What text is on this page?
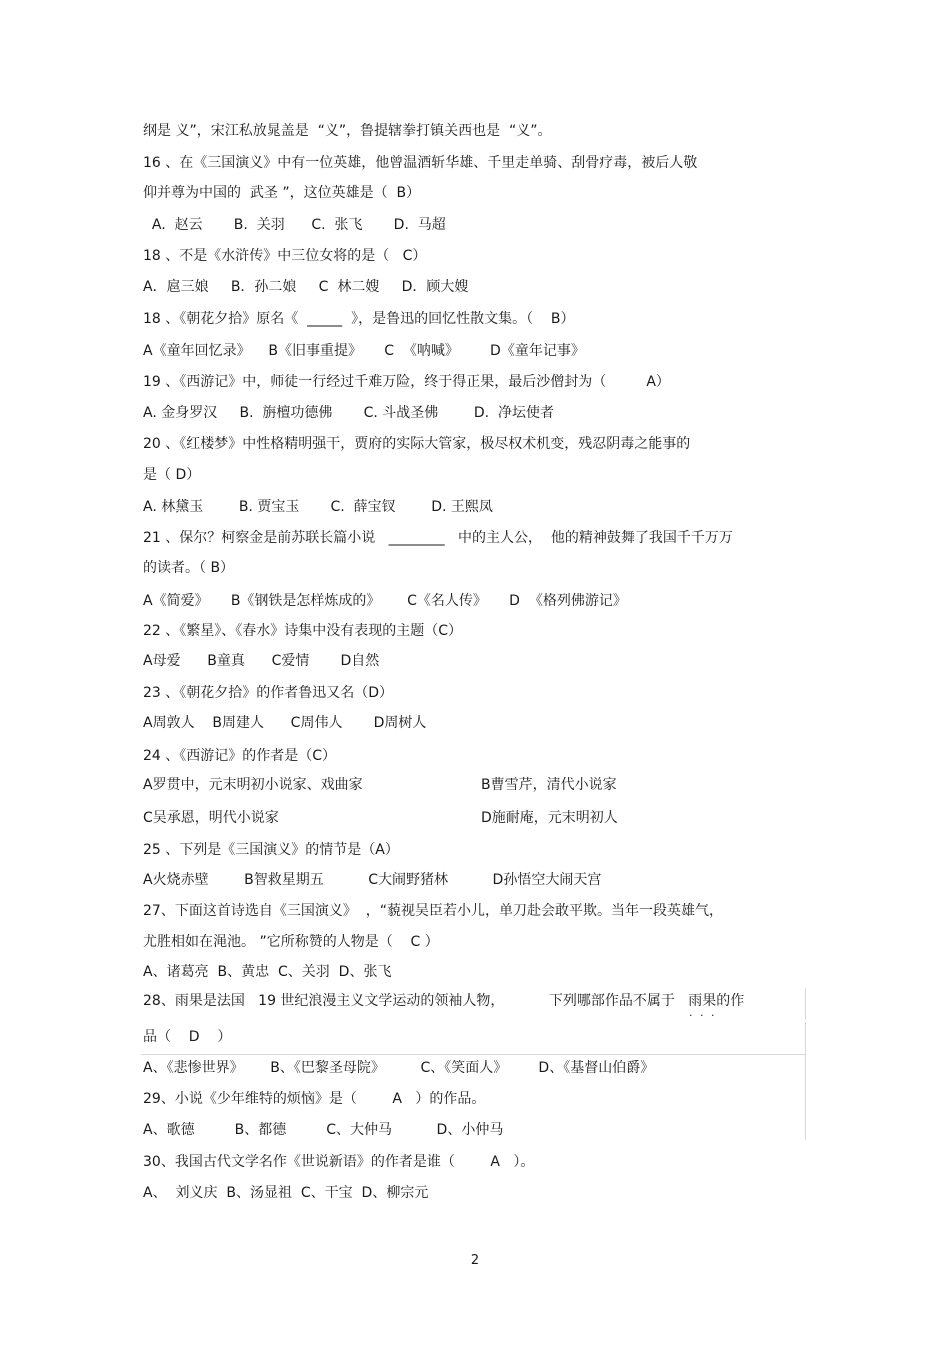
纲是 义”，宋江私放晁盖是  “义”，鲁提辖拳打镇关西也是  “义”。
16 、在《三国演义》中有一位英雄，他曾温酒斩华雄、千里走单骑、刮骨疗毒，被后人敬
仰并尊为中国的  武圣 ”，这位英雄是（  B）
A.  赵云       B.  关羽      C.  张飞       D.  马超
18 、不是《水浒传》中三位女将的是（   C）
A．扈三娘     B．孙二娘     C  林二嫂     D．顾大嫂
18 、《朝花夕拾》原名《  _____  》，是鲁迅的回忆性散文集。（    B）
A《童年回忆录》    B《旧事重提》     C  《呐喊》       D《童年记事》
19 、《西游记》中，师徒一行经过千难万险，终于得正果，最后沙僧封为（         A）
A. 金身罗汉     B.  旃檀功德佛       C. 斗战圣佛        D.  净坛使者
20 、《红楼梦》中性格精明强干，贾府的实际大管家，极尽权术机变，残忍阴毒之能事的
是（ D）
A. 林黛玉        B. 贾宝玉       C.  薛宝钗        D. 王熙凤
21 、保尔？柯察金是前苏联长篇小说   ________   中的主人公，  他的精神鼓舞了我国千千万万
的读者。（ B）
A《简爱》     B《钢铁是怎样炼成的》      C《名人传》     D  《格列佛游记》
22 、《繁星》、《春水》诗集中没有表现的主题（C）
A母爱      B童真      C爱情       D自然
23 、《朝花夕拾》的作者鲁迅又名（D）
A周敦人    B周建人      C周伟人       D周树人
24 、《西游记》的作者是（C）
A罗贯中，元末明初小说家、戏曲家	B曹雪芹，清代小说家
C吴承恩，明代小说家	D施耐庵，元末明初人
25 、下列是《三国演义》的情节是（A）
A火烧赤壁        B智救星期五          C大闹野猪林          D孙悟空大闹天宫
27、下面这首诗选自《三国演义》  ，“藐视吴臣若小儿，单刀赴会敢平欺。当年一段英雄气，
尤胜相如在渑池。 ”它所称赞的人物是（    C ）
A、诸葛亮  B、黄忠  C、关羽  D、张飞
28、雨果是法国   19 世纪浪漫主义文学运动的领袖人物，          下列哪部作品不属于   雨果的作
· · ·
品（    D    ）
A、《悲惨世界》      B、《巴黎圣母院》        C、《笑面人》       D、《基督山伯爵》
29、小说《少年维特的烦恼》是（        A   ）的作品。
A、歌德         B、都德         C、大仲马          D、小仲马
30、我国古代文学名作《世说新语》的作者是谁（        A   ）。
A、  刘义庆  B、汤显祖  C、干宝  D、柳宗元
2
